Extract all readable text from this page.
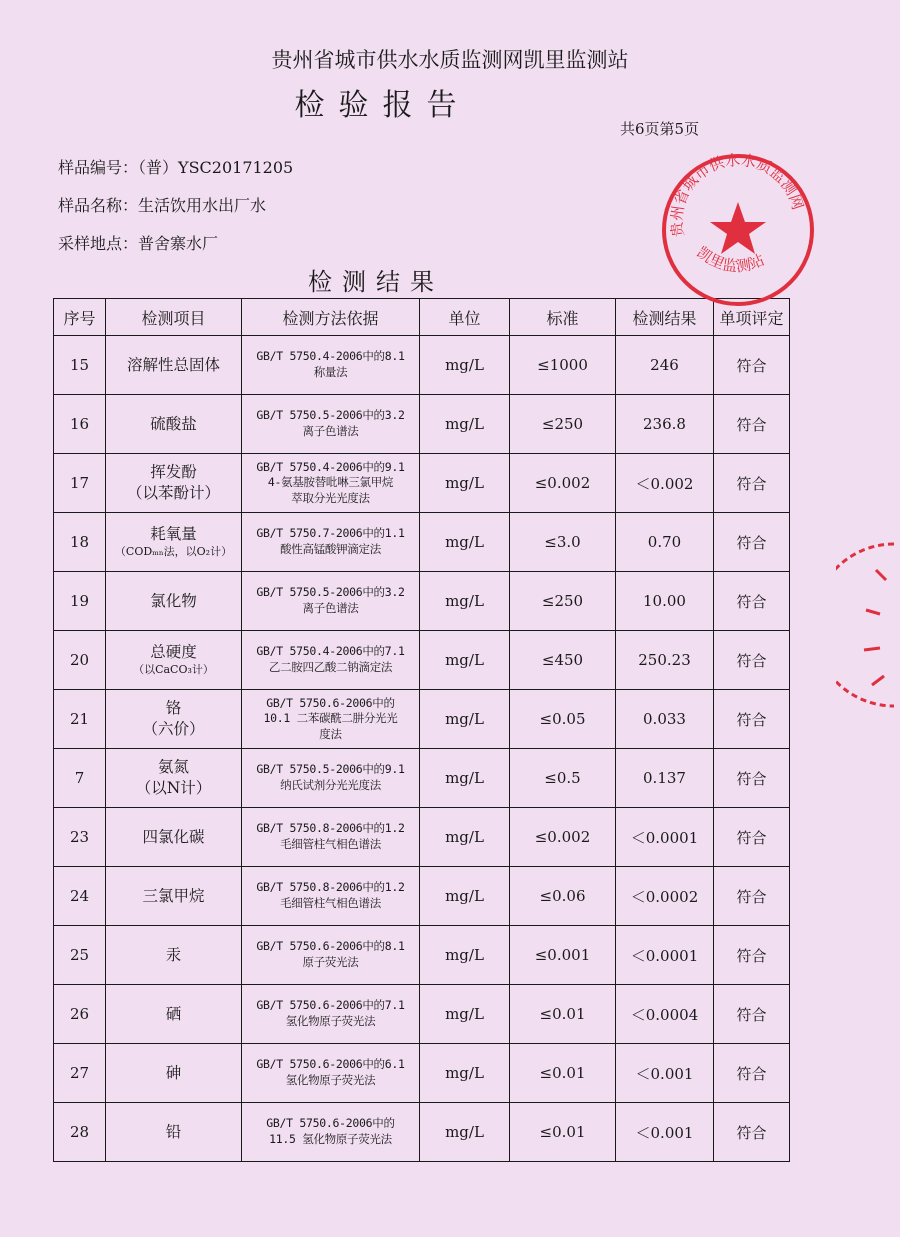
贵州省城市供水水质监测网凯里监测站
检验报告
共6页第5页
样品编号：（普）YSC20171205
样品名称：生活饮用水出厂水
采样地点：普舍寨水厂
检测结果
序号	检测项目	检测方法依据	单位	标准	检测结果	单项评定
15	溶解性总固体	GB/T 5750.4-2006中的8.1
称量法	mg/L	≤1000	246	符合
16	硫酸盐	GB/T 5750.5-2006中的3.2
离子色谱法	mg/L	≤250	236.8	符合
17	挥发酚
（以苯酚计）	GB/T 5750.4-2006中的9.1
4-氨基胺替吡啉三氯甲烷
萃取分光光度法	mg/L	≤0.002	＜0.002	符合
18	耗氧量

（CODₘₙ法，以O₂计）	GB/T 5750.7-2006中的1.1
酸性高锰酸钾滴定法	mg/L	≤3.0	0.70	符合
19	氯化物	GB/T 5750.5-2006中的3.2
离子色谱法	mg/L	≤250	10.00	符合
20	总硬度

（以CaCO₃计）	GB/T 5750.4-2006中的7.1
乙二胺四乙酸二钠滴定法	mg/L	≤450	250.23	符合
21	铬
（六价）	GB/T 5750.6-2006中的
10.1 二苯碳酰二肼分光光
度法	mg/L	≤0.05	0.033	符合
7	氨氮
（以N计）	GB/T 5750.5-2006中的9.1
纳氏试剂分光光度法	mg/L	≤0.5	0.137	符合
23	四氯化碳	GB/T 5750.8-2006中的1.2
毛细管柱气相色谱法	mg/L	≤0.002	＜0.0001	符合
24	三氯甲烷	GB/T 5750.8-2006中的1.2
毛细管柱气相色谱法	mg/L	≤0.06	＜0.0002	符合
25	汞	GB/T 5750.6-2006中的8.1
原子荧光法	mg/L	≤0.001	＜0.0001	符合
26	硒	GB/T 5750.6-2006中的7.1
氢化物原子荧光法	mg/L	≤0.01	＜0.0004	符合
27	砷	GB/T 5750.6-2006中的6.1
氢化物原子荧光法	mg/L	≤0.01	＜0.001	符合
28	铅	GB/T 5750.6-2006中的
11.5 氢化物原子荧光法	mg/L	≤0.01	＜0.001	符合
贵州省城市供水水质监测网
凯里监测站
